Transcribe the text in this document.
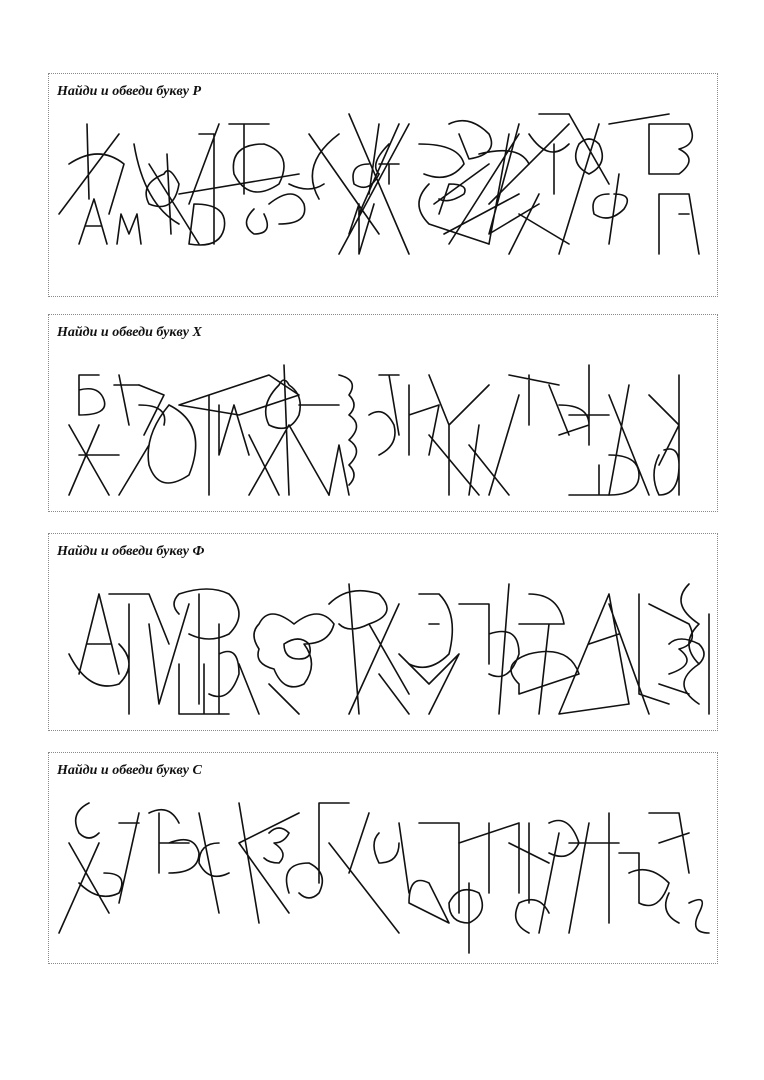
Найди и обведи букву Р

Найди и обведи букву Х

Найди и обведи букву Ф

Найди и обведи букву С
